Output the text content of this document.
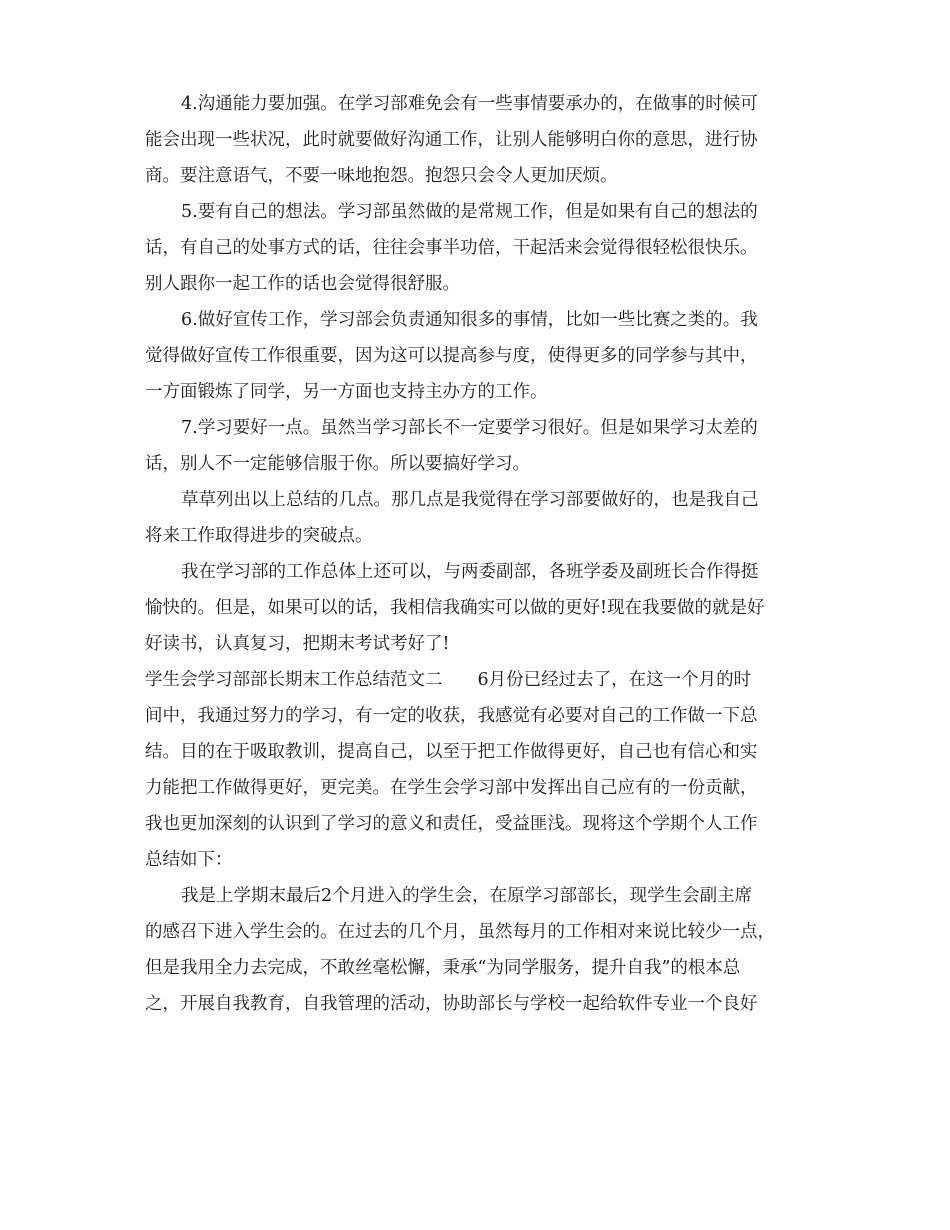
4.沟通能力要加强。在学习部难免会有一些事情要承办的，在做事的时候可
能会出现一些状况，此时就要做好沟通工作，让别人能够明白你的意思，进行协
商。要注意语气，不要一味地抱怨。抱怨只会令人更加厌烦。
5.要有自己的想法。学习部虽然做的是常规工作，但是如果有自己的想法的
话，有自己的处事方式的话，往往会事半功倍，干起活来会觉得很轻松很快乐。
别人跟你一起工作的话也会觉得很舒服。
6.做好宣传工作，学习部会负责通知很多的事情，比如一些比赛之类的。我
觉得做好宣传工作很重要，因为这可以提高参与度，使得更多的同学参与其中，
一方面锻炼了同学，另一方面也支持主办方的工作。
7.学习要好一点。虽然当学习部长不一定要学习很好。但是如果学习太差的
话，别人不一定能够信服于你。所以要搞好学习。
草草列出以上总结的几点。那几点是我觉得在学习部要做好的，也是我自己
将来工作取得进步的突破点。
我在学习部的工作总体上还可以，与两委副部，各班学委及副班长合作得挺
愉快的。但是，如果可以的话，我相信我确实可以做的更好!现在我要做的就是好
好读书，认真复习，把期末考试考好了!
学生会学习部部长期末工作总结范文二　　6月份已经过去了，在这一个月的时
间中，我通过努力的学习，有一定的收获，我感觉有必要对自己的工作做一下总
结。目的在于吸取教训，提高自己，以至于把工作做得更好，自己也有信心和实
力能把工作做得更好，更完美。在学生会学习部中发挥出自己应有的一份贡献，
我也更加深刻的认识到了学习的意义和责任，受益匪浅。现将这个学期个人工作
总结如下：
我是上学期末最后2个月进入的学生会，在原学习部部长，现学生会副主席
的感召下进入学生会的。在过去的几个月，虽然每月的工作相对来说比较少一点，
但是我用全力去完成，不敢丝毫松懈，秉承“为同学服务，提升自我”的根本总
之，开展自我教育，自我管理的活动，协助部长与学校一起给软件专业一个良好
